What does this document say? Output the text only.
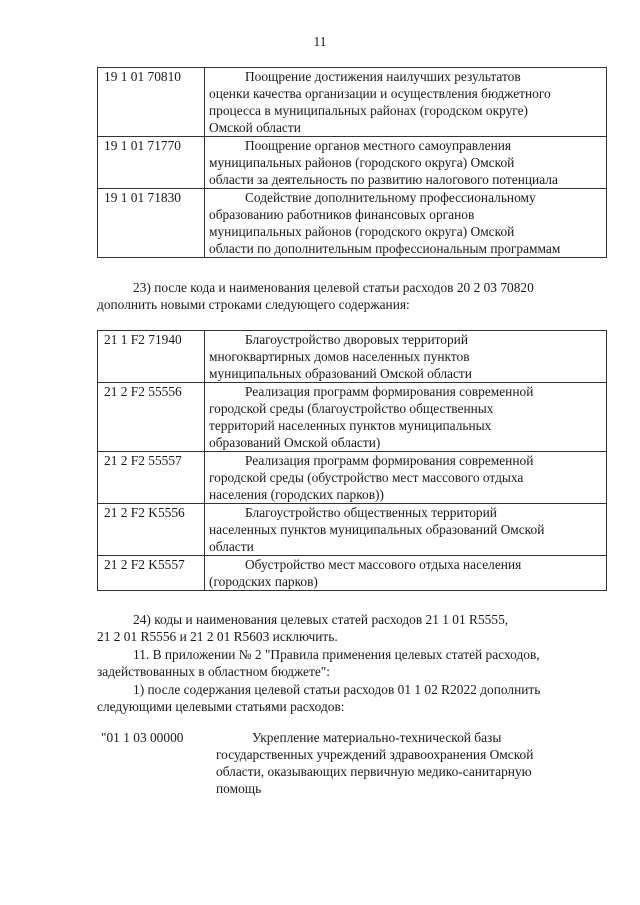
11
19 1 01 70810	Поощрение достижения наилучших результатов
оценки качества организации и осуществления бюджетного
процесса в муниципальных районах (городском округе)
Омской области
19 1 01 71770	Поощрение органов местного самоуправления
муниципальных районов (городского округа) Омской
области за деятельность по развитию налогового потенциала
19 1 01 71830	Содействие дополнительному профессиональному
образованию работников финансовых органов
муниципальных районов (городского округа) Омской
области по дополнительным профессиональным программам
23) после кода и наименования целевой статьи расходов 20 2 03 70820
дополнить новыми строками следующего содержания:
21 1 F2 71940	Благоустройство дворовых территорий
многоквартирных домов населенных пунктов
муниципальных образований Омской области
21 2 F2 55556	Реализация программ формирования современной
городской среды (благоустройство общественных
территорий населенных пунктов муниципальных
образований Омской области)
21 2 F2 55557	Реализация программ формирования современной
городской среды (обустройство мест массового отдыха
населения (городских парков))
21 2 F2 K5556	Благоустройство общественных территорий
населенных пунктов муниципальных образований Омской
области
21 2 F2 K5557	Обустройство мест массового отдыха населения
(городских парков)
24) коды и наименования целевых статей расходов 21 1 01 R5555,
21 2 01 R5556 и 21 2 01 R5603 исключить.
11. В приложении № 2 "Правила применения целевых статей расходов,
задействованных в областном бюджете":
1) после содержания целевой статьи расходов 01 1 02 R2022 дополнить
следующими целевыми статьями расходов:
"01 1 03 00000	Укрепление материально-технической базы
государственных учреждений здравоохранения Омской
области, оказывающих первичную медико-санитарную
помощь
